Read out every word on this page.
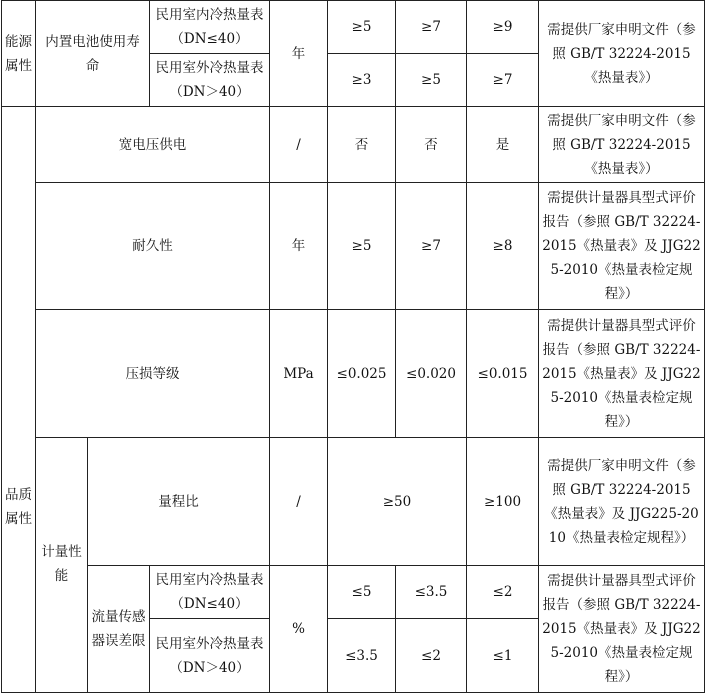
能源属性	内置电池使用寿命		民用室内冷热量表（DN≤40）	年	≥5	≥7	≥9	需提供厂家申明文件（参照 GB/T 32224-2015《热量表》）
			民用室外冷热量表（DN＞40）		≥3	≥5	≥7	
品质属性	宽电压供电			/	否	否	是	需提供厂家申明文件（参照 GB/T 32224-2015《热量表》）
	耐久性			年	≥5	≥7	≥8	需提供计量器具型式评价报告（参照 GB/T 32224-2015《热量表》及 JJG225-2010《热量表检定规程》）
	压损等级			MPa	≤0.025	≤0.020	≤0.015	需提供计量器具型式评价报告（参照 GB/T 32224-2015《热量表》及 JJG225-2010《热量表检定规程》）
	计量性能	量程比		/	≥50		≥100	需提供厂家申明文件（参照 GB/T 32224-2015《热量表》及 JJG225-2010《热量表检定规程》）
		流量传感器误差限	民用室内冷热量表（DN≤40）	%	≤5	≤3.5	≤2	需提供计量器具型式评价报告（参照 GB/T 32224-2015《热量表》及 JJG225-2010《热量表检定规程》）
			民用室外冷热量表（DN＞40）		≤3.5	≤2	≤1	
